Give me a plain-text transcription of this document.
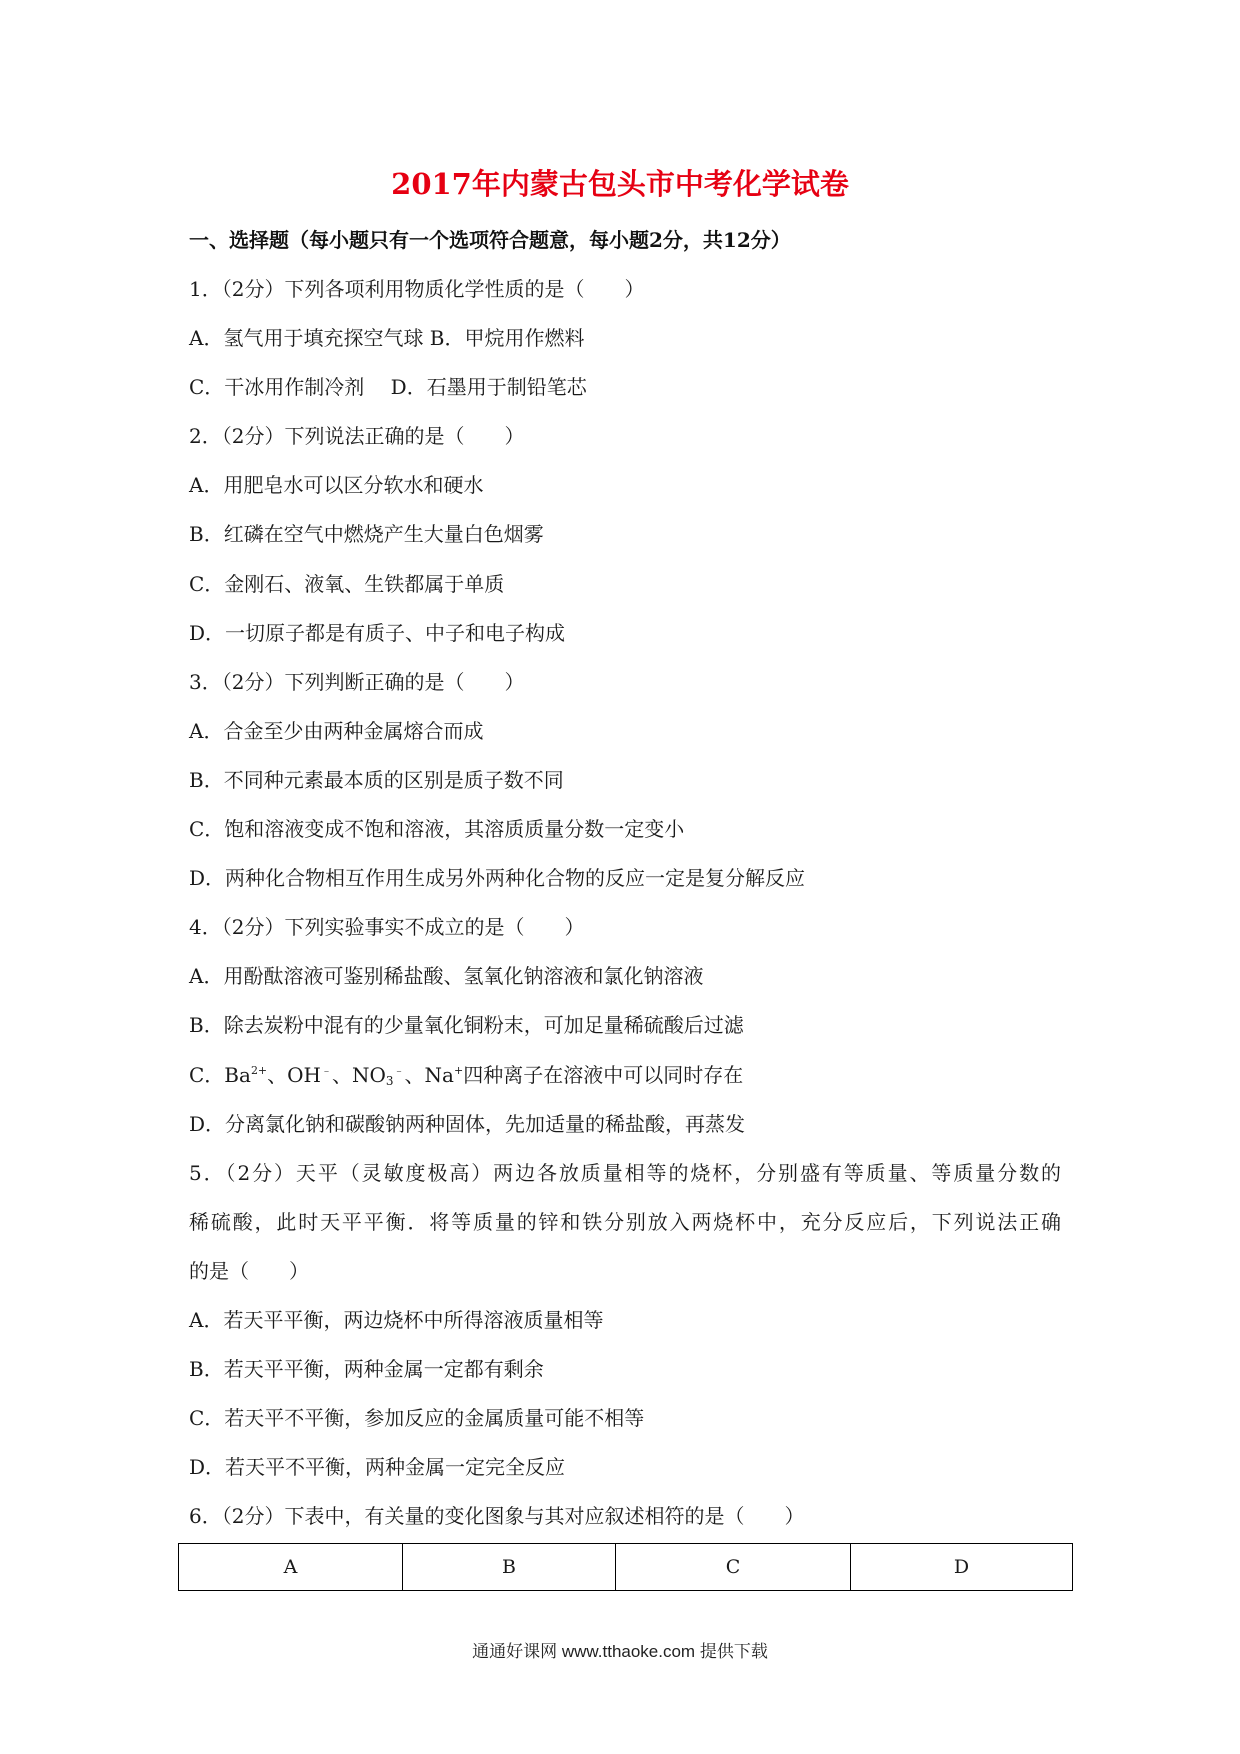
2017年内蒙古包头市中考化学试卷
一、选择题（每小题只有一个选项符合题意，每小题2分，共12分）
1．（2分）下列各项利用物质化学性质的是（　　）
A．氢气用于填充探空气球 B．甲烷用作燃料
C．干冰用作制冷剂　 D．石墨用于制铅笔芯
2．（2分）下列说法正确的是（　　）
A．用肥皂水可以区分软水和硬水
B．红磷在空气中燃烧产生大量白色烟雾
C．金刚石、液氧、生铁都属于单质
D．一切原子都是有质子、中子和电子构成
3．（2分）下列判断正确的是（　　）
A．合金至少由两种金属熔合而成
B．不同种元素最本质的区别是质子数不同
C．饱和溶液变成不饱和溶液，其溶质质量分数一定变小
D．两种化合物相互作用生成另外两种化合物的反应一定是复分解反应
4．（2分）下列实验事实不成立的是（　　）
A．用酚酞溶液可鉴别稀盐酸、氢氧化钠溶液和氯化钠溶液
B．除去炭粉中混有的少量氧化铜粉末，可加足量稀硫酸后过滤
C．$Ba^{2+}$、OH﹣、$NO_3^﹣$、Na+四种离子在溶液中可以同时存在
D．分离氯化钠和碳酸钠两种固体，先加适量的稀盐酸，再蒸发
5．（2分）天平（灵敏度极高）两边各放质量相等的烧杯，分别盛有等质量、等质量分数的
稀硫酸，此时天平平衡．将等质量的锌和铁分别放入两烧杯中，充分反应后，下列说法正确
的是（　　）
A．若天平平衡，两边烧杯中所得溶液质量相等
B．若天平平衡，两种金属一定都有剩余
C．若天平不平衡，参加反应的金属质量可能不相等
D．若天平不平衡，两种金属一定完全反应
6．（2分）下表中，有关量的变化图象与其对应叙述相符的是（　　）
A	B	C	D
通通好课网 www.tthaoke.com 提供下载
